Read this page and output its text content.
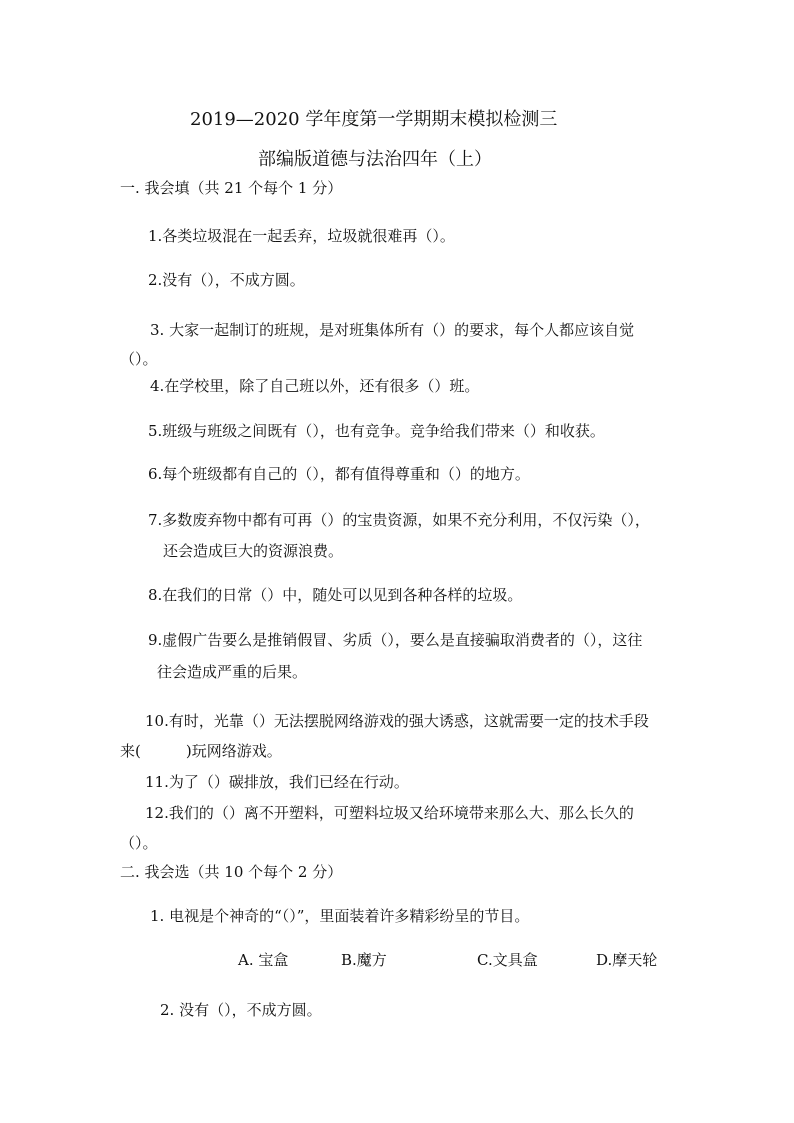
2019—2020 学年度第一学期期末模拟检测三
部编版道德与法治四年（上）
一. 我会填（共 21 个每个 1 分）
1.各类垃圾混在一起丢弃，垃圾就很难再（）。
2.没有（），不成方圆。
3. 大家一起制订的班规，是对班集体所有（）的要求，每个人都应该自觉
（）。
4.在学校里，除了自己班以外，还有很多（）班。
5.班级与班级之间既有（），也有竞争。竞争给我们带来（）和收获。
6.每个班级都有自己的（），都有值得尊重和（）的地方。
7.多数废弃物中都有可再（）的宝贵资源，如果不充分利用，不仅污染（），
还会造成巨大的资源浪费。
8.在我们的日常（）中，随处可以见到各种各样的垃圾。
9.虚假广告要么是推销假冒、劣质（），要么是直接骗取消费者的（），这往
往会造成严重的后果。
10.有时，光靠（）无法摆脱网络游戏的强大诱惑，这就需要一定的技术手段
来(　　　)玩网络游戏。
11.为了（）碳排放，我们已经在行动。
12.我们的（）离不开塑料，可塑料垃圾又给环境带来那么大、那么长久的
（）。
二. 我会选（共 10 个每个 2 分）
1. 电视是个神奇的“（）”，里面装着许多精彩纷呈的节目。
A. 宝盒	B.魔方	C.文具盒	D.摩天轮
2. 没有（），不成方圆。
